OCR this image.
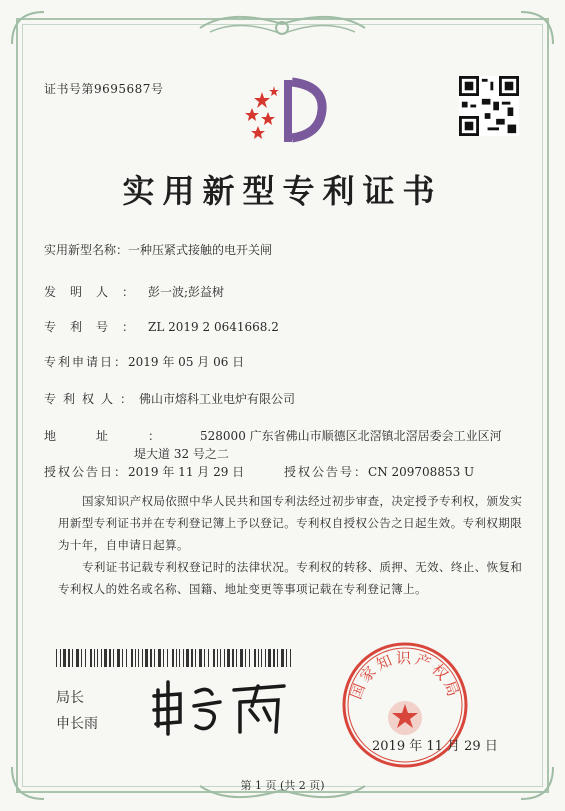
证书号第9695687号
实用新型专利证书
实用新型名称：一种压紧式接触的电开关闸
发明人：彭一波;彭益树
专利号：ZL 2019 2 0641668.2
专利申请日：2019 年 05 月 06 日
专利权人：佛山市熔科工业电炉有限公司
地址：528000 广东省佛山市顺德区北滘镇北滘居委会工业区河
堤大道 32 号之二
授权公告日：2019 年 11 月 29 日	授权公告号：CN 209708853 U
国家知识产权局依照中华人民共和国专利法经过初步审查，决定授予专利权，颁发实用新型专利证书并在专利登记簿上予以登记。专利权自授权公告之日起生效。专利权期限为十年，自申请日起算。
专利证书记载专利权登记时的法律状况。专利权的转移、质押、无效、终止、恢复和专利权人的姓名或名称、国籍、地址变更等事项记载在专利登记簿上。
局长
申长雨
国家知识产权局
2019 年 11 月 29 日
第 1 页 (共 2 页)
